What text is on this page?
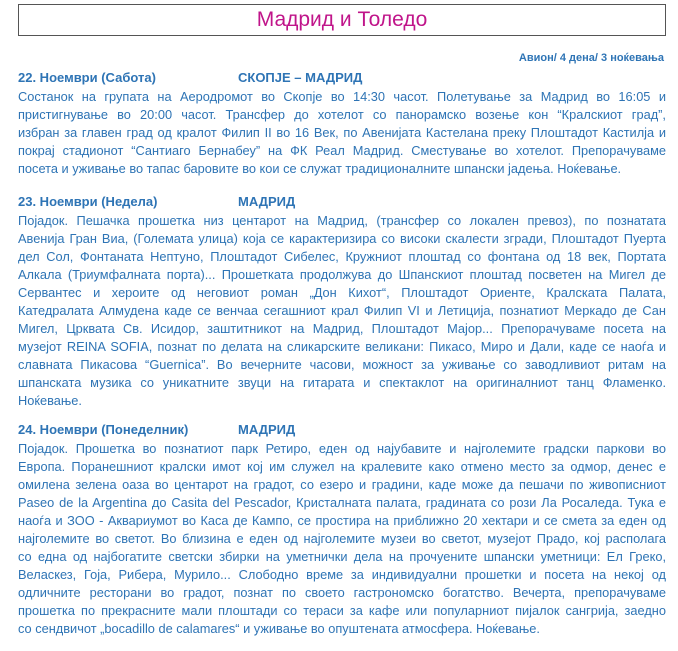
Мадрид и Толедо
Авион/ 4 дена/ 3 ноќевања
22. Ноември (Сабота)	СКОПЈЕ – МАДРИД
Состанок на групата на Аеродромот во Скопје во 14:30 часот. Полетување за Мадрид во 16:05 и
пристигнување во 20:00 часот. Трансфер до хотелот со панорамско возење кон “Кралскиот град”,
избран за главен град од кралот Филип II во 16 Век, по Авенијата Кастелана преку Плоштадот Кастилја и
покрај стадионот “Сантиаго Бернабеу” на ФК Реал Мадрид. Сместување во хотелот. Препорачуваме
посета и уживање во тапас баровите во кои се служат традиционалните шпански јадења. Ноќевање.
23. Ноември (Недела)	МАДРИД
Појадок. Пешачка прошетка низ центарот на Мадрид, (трансфер со локален превоз), по познатата
Авенија Гран Виа, (Големата улица) која се карактеризира со високи скалести згради, Плоштадот Пуерта
дел Сол, Фонтаната Нептуно, Плоштадот Сибелес, Кружниот плоштад со фонтана од 18 век, Портата
Алкала (Триумфалната порта)... Прошетката продолжува до Шпанскиот плоштад посветен на Мигел де
Сервантес и хероите од неговиот роман „Дон Кихот“, Плоштадот Ориенте, Кралската Палата,
Катедралата Алмудена каде се венчаа сегашниот крал Филип VI и Летиција, познатиот Меркадо де Сан
Мигел, Црквата Св. Исидор, заштитникот на Мадрид, Плоштадот Мајор... Препорачуваме посета на
музејот REINA SOFIA, познат по делата на сликарските великани: Пикасо, Миро и Дали, каде се наоѓа и
славната Пикасова “Guernica”. Во вечерните часови, можност за уживање со заводливиот ритам на
шпанската музика со уникатните звуци на гитарата и спектаклот на оригиналниот танц Фламенко.
Ноќевање.
24. Ноември (Понеделник)	МАДРИД
Појадок. Прошетка во познатиот парк Ретиро, еден од најубавите и најголемите градски паркови во
Европа. Поранешниот кралски имот кој им служел на кралевите како отмено место за одмор, денес е
омилена зелена оаза во центарот на градот, со езеро и градини, каде може да пешачи по живописниот
Paseo de la Argentina до Casita del Pescador, Кристалната палата, градината со рози Ла Росаледа. Тука е
наоѓа и ЗОО - Аквариумот во Каса де Кампо, се простира на приближно 20 хектари и се смета за еден од
најголемите во светот. Во близина е еден од најголемите музеи во светот, музејот Прадо, кој располага
со една од најбогатите светски збирки на уметнички дела на прочуените шпански уметници: Ел Греко,
Веласкез, Гоја, Рибера, Мурило... Слободно време за индивидуални прошетки и посета на некој од
одличните ресторани во градот, познат по своето гастрономско богатство. Вечерта, препорачуваме
прошетка по прекрасните мали плоштади со тераси за кафе или популарниот пијалок сангрија, заедно
со сендвичот „bocadillo de calamares“ и уживање во опуштената атмосфера. Ноќевање.
